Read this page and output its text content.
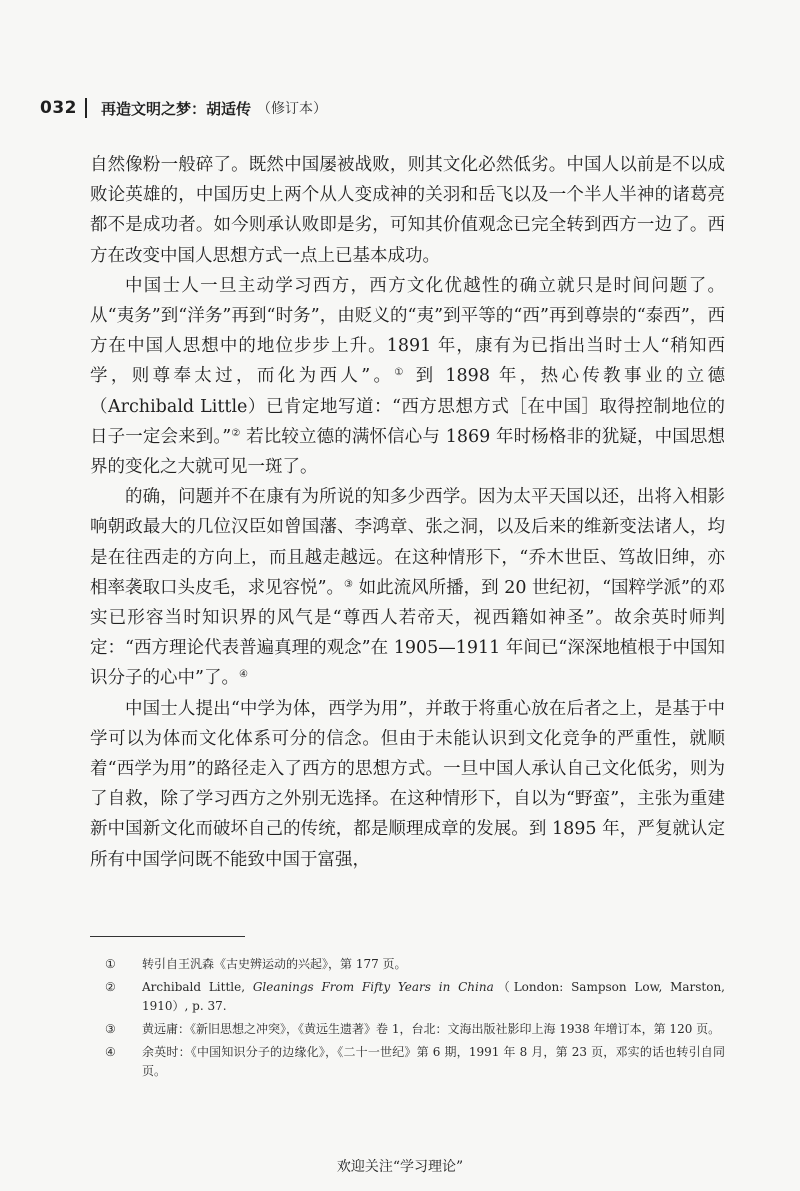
032 再造文明之梦：胡适传 （修订本）

自然像粉一般碎了。既然中国屡被战败，则其文化必然低劣。中国人以前是不以成败论英雄的，中国历史上两个从人变成神的关羽和岳飞以及一个半人半神的诸葛亮都不是成功者。如今则承认败即是劣，可知其价值观念已完全转到西方一边了。西方在改变中国人思想方式一点上已基本成功。

中国士人一旦主动学习西方，西方文化优越性的确立就只是时间问题了。从“夷务”到“洋务”再到“时务”，由贬义的“夷”到平等的“西”再到尊崇的“泰西”，西方在中国人思想中的地位步步上升。1891 年，康有为已指出当时士人“稍知西学，则尊奉太过，而化为西人”。① 到 1898 年，热心传教事业的立德（Archibald Little）已肯定地写道：“西方思想方式［在中国］取得控制地位的日子一定会来到。”② 若比较立德的满怀信心与 1869 年时杨格非的犹疑，中国思想界的变化之大就可见一斑了。

的确，问题并不在康有为所说的知多少西学。因为太平天国以还，出将入相影响朝政最大的几位汉臣如曾国藩、李鸿章、张之洞，以及后来的维新变法诸人，均是在往西走的方向上，而且越走越远。在这种情形下，“乔木世臣、笃故旧绅，亦相率袭取口头皮毛，求见容悦”。③ 如此流风所播，到 20 世纪初，“国粹学派”的邓实已形容当时知识界的风气是“尊西人若帝天，视西籍如神圣”。故余英时师判定：“西方理论代表普遍真理的观念”在 1905—1911 年间已“深深地植根于中国知识分子的心中”了。④

中国士人提出“中学为体，西学为用”，并敢于将重心放在后者之上，是基于中学可以为体而文化体系可分的信念。但由于未能认识到文化竞争的严重性，就顺着“西学为用”的路径走入了西方的思想方式。一旦中国人承认自己文化低劣，则为了自救，除了学习西方之外别无选择。在这种情形下，自以为“野蛮”，主张为重建新中国新文化而破坏自己的传统，都是顺理成章的发展。到 1895 年，严复就认定所有中国学问既不能致中国于富强，

①	转引自王汎森《古史辨运动的兴起》，第 177 页。
②	Archibald Little, Gleanings From Fifty Years in China（London: Sampson Low, Marston, 1910）, p. 37.
③	黄远庸：《新旧思想之冲突》，《黄远生遗著》卷 1，台北：文海出版社影印上海 1938 年增订本，第 120 页。
④	余英时：《中国知识分子的边缘化》，《二十一世纪》第 6 期，1991 年 8 月，第 23 页，邓实的话也转引自同页。
欢迎关注“学习理论”
